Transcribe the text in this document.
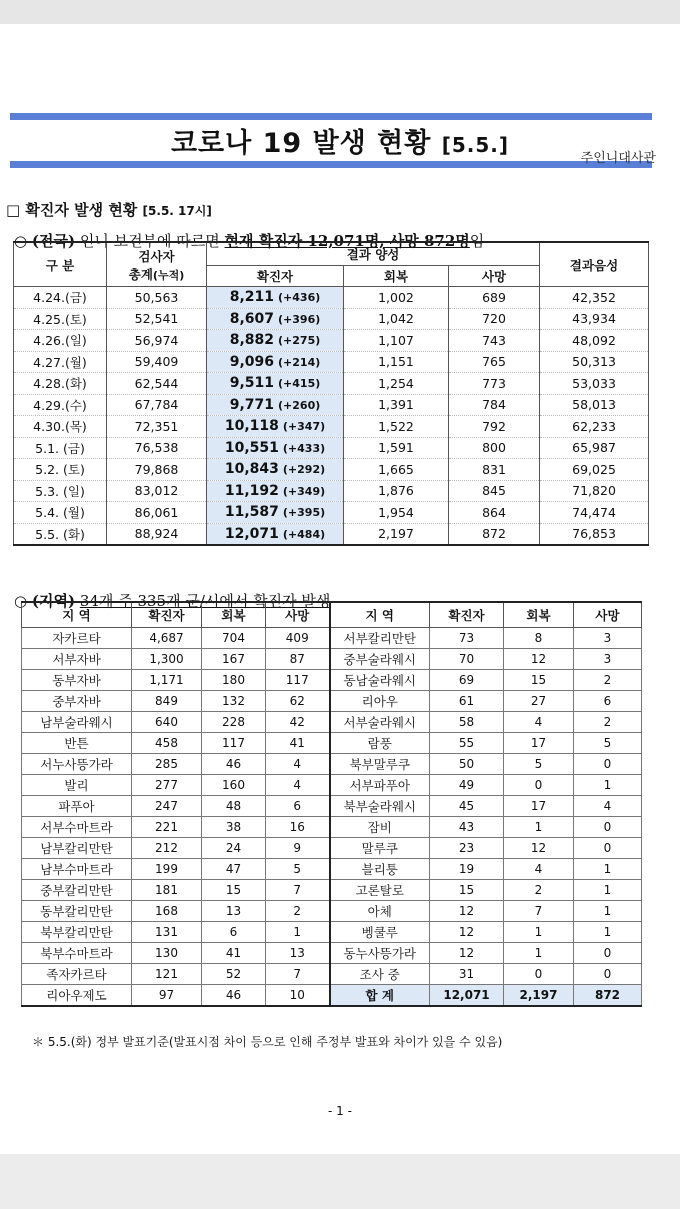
코로나 19 발생 현황 [5.5.]
주인니대사관
□ 확진자 발생 현황 [5.5. 17시]
○ (전국) 인니 보건부에 따르면 현재 확진자 12,071명, 사망 872명임
구 분	검사자
총계(누적)	결과 양성			결과음성
		확진자	회복	사망	
4.24.(금)	50,563	8,211 (+436)	1,002	689	42,352
4.25.(토)	52,541	8,607 (+396)	1,042	720	43,934
4.26.(일)	56,974	8,882 (+275)	1,107	743	48,092
4.27.(월)	59,409	9,096 (+214)	1,151	765	50,313
4.28.(화)	62,544	9,511 (+415)	1,254	773	53,033
4.29.(수)	67,784	9,771 (+260)	1,391	784	58,013
4.30.(목)	72,351	10,118 (+347)	1,522	792	62,233
5.1. (금)	76,538	10,551 (+433)	1,591	800	65,987
5.2. (토)	79,868	10,843 (+292)	1,665	831	69,025
5.3. (일)	83,012	11,192 (+349)	1,876	845	71,820
5.4. (월)	86,061	11,587 (+395)	1,954	864	74,474
5.5. (화)	88,924	12,071 (+484)	2,197	872	76,853
○ (지역) 34개 주 335개 군/시에서 확진자 발생
지 역	확진자	회복	사망	지 역	확진자	회복	사망
자카르타	4,687	704	409	서부칼리만탄	73	8	3
서부자바	1,300	167	87	중부술라웨시	70	12	3
동부자바	1,171	180	117	동남술라웨시	69	15	2
중부자바	849	132	62	리아우	61	27	6
남부술라웨시	640	228	42	서부술라웨시	58	4	2
반튼	458	117	41	람풍	55	17	5
서누사뜽가라	285	46	4	북부말루쿠	50	5	0
발리	277	160	4	서부파푸아	49	0	1
파푸아	247	48	6	북부술라웨시	45	17	4
서부수마트라	221	38	16	잠비	43	1	0
남부칼리만탄	212	24	9	말루쿠	23	12	0
남부수마트라	199	47	5	블리퉁	19	4	1
중부칼리만탄	181	15	7	고론탈로	15	2	1
동부칼리만탄	168	13	2	아체	12	7	1
북부칼리만탄	131	6	1	벵쿨루	12	1	1
북부수마트라	130	41	13	동누사뜽가라	12	1	0
족자카르타	121	52	7	조사 중	31	0	0
리아우제도	97	46	10	합 계	12,071	2,197	872
＊ 5.5.(화) 정부 발표기준(발표시점 차이 등으로 인해 주정부 발표와 차이가 있을 수 있음)
- 1 -
